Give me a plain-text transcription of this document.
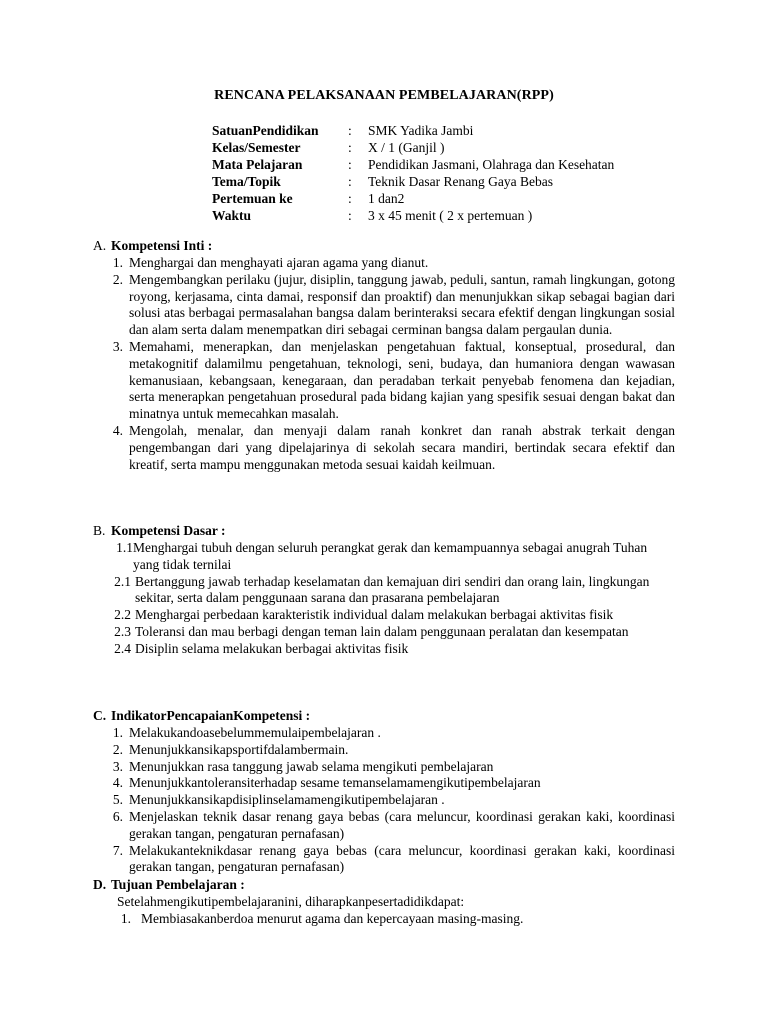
RENCANA PELAKSANAAN PEMBELAJARAN(RPP)
SatuanPendidikan	:	SMK Yadika Jambi
Kelas/Semester	:	X / 1 (Ganjil )
Mata Pelajaran	:	Pendidikan Jasmani, Olahraga dan Kesehatan
Tema/Topik	:	Teknik Dasar Renang Gaya Bebas
Pertemuan ke	:	1 dan2
Waktu	:	3 x 45 menit ( 2 x pertemuan )
A. Kompetensi Inti :
1. Menghargai dan menghayati ajaran agama yang dianut.
2. Mengembangkan perilaku (jujur, disiplin, tanggung jawab, peduli, santun, ramah lingkungan, gotong royong, kerjasama, cinta damai, responsif dan proaktif) dan menunjukkan sikap sebagai bagian dari solusi atas berbagai permasalahan bangsa dalam berinteraksi secara efektif dengan lingkungan sosial dan alam serta dalam menempatkan diri sebagai cerminan bangsa dalam pergaulan dunia.
3. Memahami, menerapkan, dan menjelaskan pengetahuan faktual, konseptual, prosedural, dan metakognitif dalamilmu pengetahuan, teknologi, seni, budaya, dan humaniora dengan wawasan kemanusiaan, kebangsaan, kenegaraan, dan peradaban terkait penyebab fenomena dan kejadian, serta menerapkan pengetahuan prosedural pada bidang kajian yang spesifik sesuai dengan bakat dan minatnya untuk memecahkan masalah.
4. Mengolah, menalar, dan menyaji dalam ranah konkret dan ranah abstrak terkait dengan pengembangan dari yang dipelajarinya di sekolah secara mandiri, bertindak secara efektif dan kreatif, serta mampu menggunakan metoda sesuai kaidah keilmuan.
B. Kompetensi Dasar :
1.1 Menghargai tubuh dengan seluruh perangkat gerak dan kemampuannya sebagai anugrah Tuhan yang tidak ternilai
2.1 Bertanggung jawab terhadap keselamatan dan kemajuan diri sendiri dan orang lain, lingkungan sekitar, serta dalam penggunaan sarana dan prasarana pembelajaran
2.2 Menghargai perbedaan karakteristik individual dalam melakukan berbagai aktivitas fisik
2.3 Toleransi dan mau berbagi dengan teman lain dalam penggunaan peralatan dan kesempatan
2.4 Disiplin selama melakukan berbagai aktivitas fisik
C. IndikatorPencapaianKompetensi :
1. Melakukandoasebelummemulaipembelajaran .
2. Menunjukkansikapsportifdalambermain.
3. Menunjukkan rasa tanggung jawab selama mengikuti pembelajaran
4. Menunjukkantoleransiterhadap sesame temanselamamengikutipembelajaran
5. Menunjukkansikapdisiplinselamamengikutipembelajaran .
6. Menjelaskan teknik dasar renang gaya bebas (cara meluncur, koordinasi gerakan kaki, koordinasi gerakan tangan, pengaturan pernafasan)
7. Melakukanteknikdasar renang gaya bebas (cara meluncur, koordinasi gerakan kaki, koordinasi gerakan tangan, pengaturan pernafasan)
D. Tujuan Pembelajaran :
Setelahmengikutipembelajaranini, diharapkanpesertadidikdapat:
1. Membiasakanberdoa menurut agama dan kepercayaan masing-masing.
